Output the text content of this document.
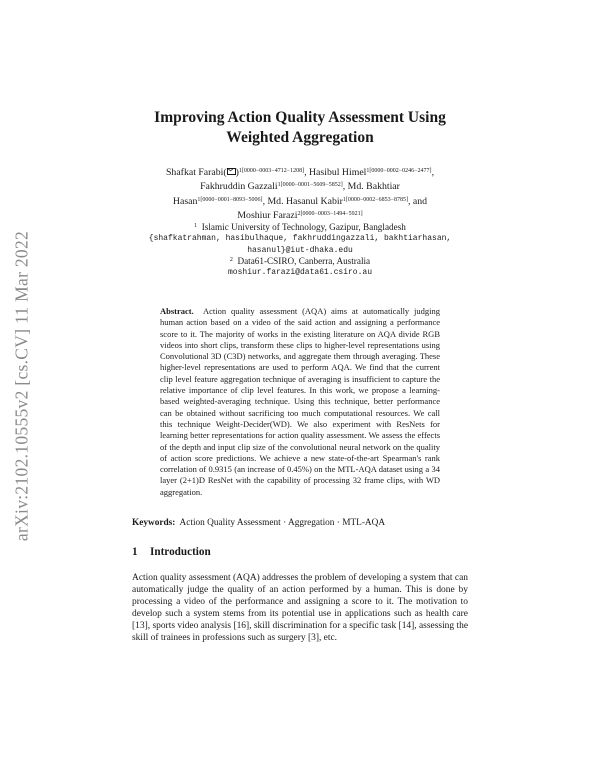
arXiv:2102.10555v2 [cs.CV] 11 Mar 2022
Improving Action Quality Assessment Using
Weighted Aggregation
Shafkat Farabi( )$^{1[0000-0003-4712-1208]}$, Hasibul Himel$^{1[0000-0002-0246-2477]}$,
Fakhruddin Gazzali$^{1[0000-0001-5609-5852]}$, Md. Bakhtiar
Hasan$^{1[0000-0001-8093-5006]}$, Md. Hasanul Kabir$^{1[0000-0002-6853-8785]}$, and
Moshiur Farazi$^{2[0000-0003-1494-5921]}$
$^1$ Islamic University of Technology, Gazipur, Bangladesh
{shafkatrahman, hasibulhaque, fakhruddingazzali, bakhtiarhasan,
hasanul}@iut-dhaka.edu
$^2$ Data61-CSIRO, Canberra, Australia
moshiur.farazi@data61.csiro.au
Abstract. Action quality assessment (AQA) aims at automatically judging human action based on a video of the said action and assigning a performance score to it. The majority of works in the existing literature on AQA divide RGB videos into short clips, transform these clips to higher-level representations using Convolutional 3D (C3D) networks, and aggregate them through averaging. These higher-level representations are used to perform AQA. We find that the current clip level feature aggregation technique of averaging is insufficient to capture the relative importance of clip level features. In this work, we propose a learning-based weighted-averaging technique. Using this technique, better performance can be obtained without sacrificing too much computational resources. We call this technique Weight-Decider(WD). We also experiment with ResNets for learning better representations for action quality assessment. We assess the effects of the depth and input clip size of the convolutional neural network on the quality of action score predictions. We achieve a new state-of-the-art Spearman's rank correlation of 0.9315 (an increase of 0.45%) on the MTL-AQA dataset using a 34 layer (2+1)D ResNet with the capability of processing 32 frame clips, with WD aggregation.
Keywords: Action Quality Assessment · Aggregation · MTL-AQA
1 Introduction
Action quality assessment (AQA) addresses the problem of developing a system that can automatically judge the quality of an action performed by a human. This is done by processing a video of the performance and assigning a score to it. The motivation to develop such a system stems from its potential use in applications such as health care [13], sports video analysis [16], skill discrimination for a specific task [14], assessing the skill of trainees in professions such as surgery [3], etc.
